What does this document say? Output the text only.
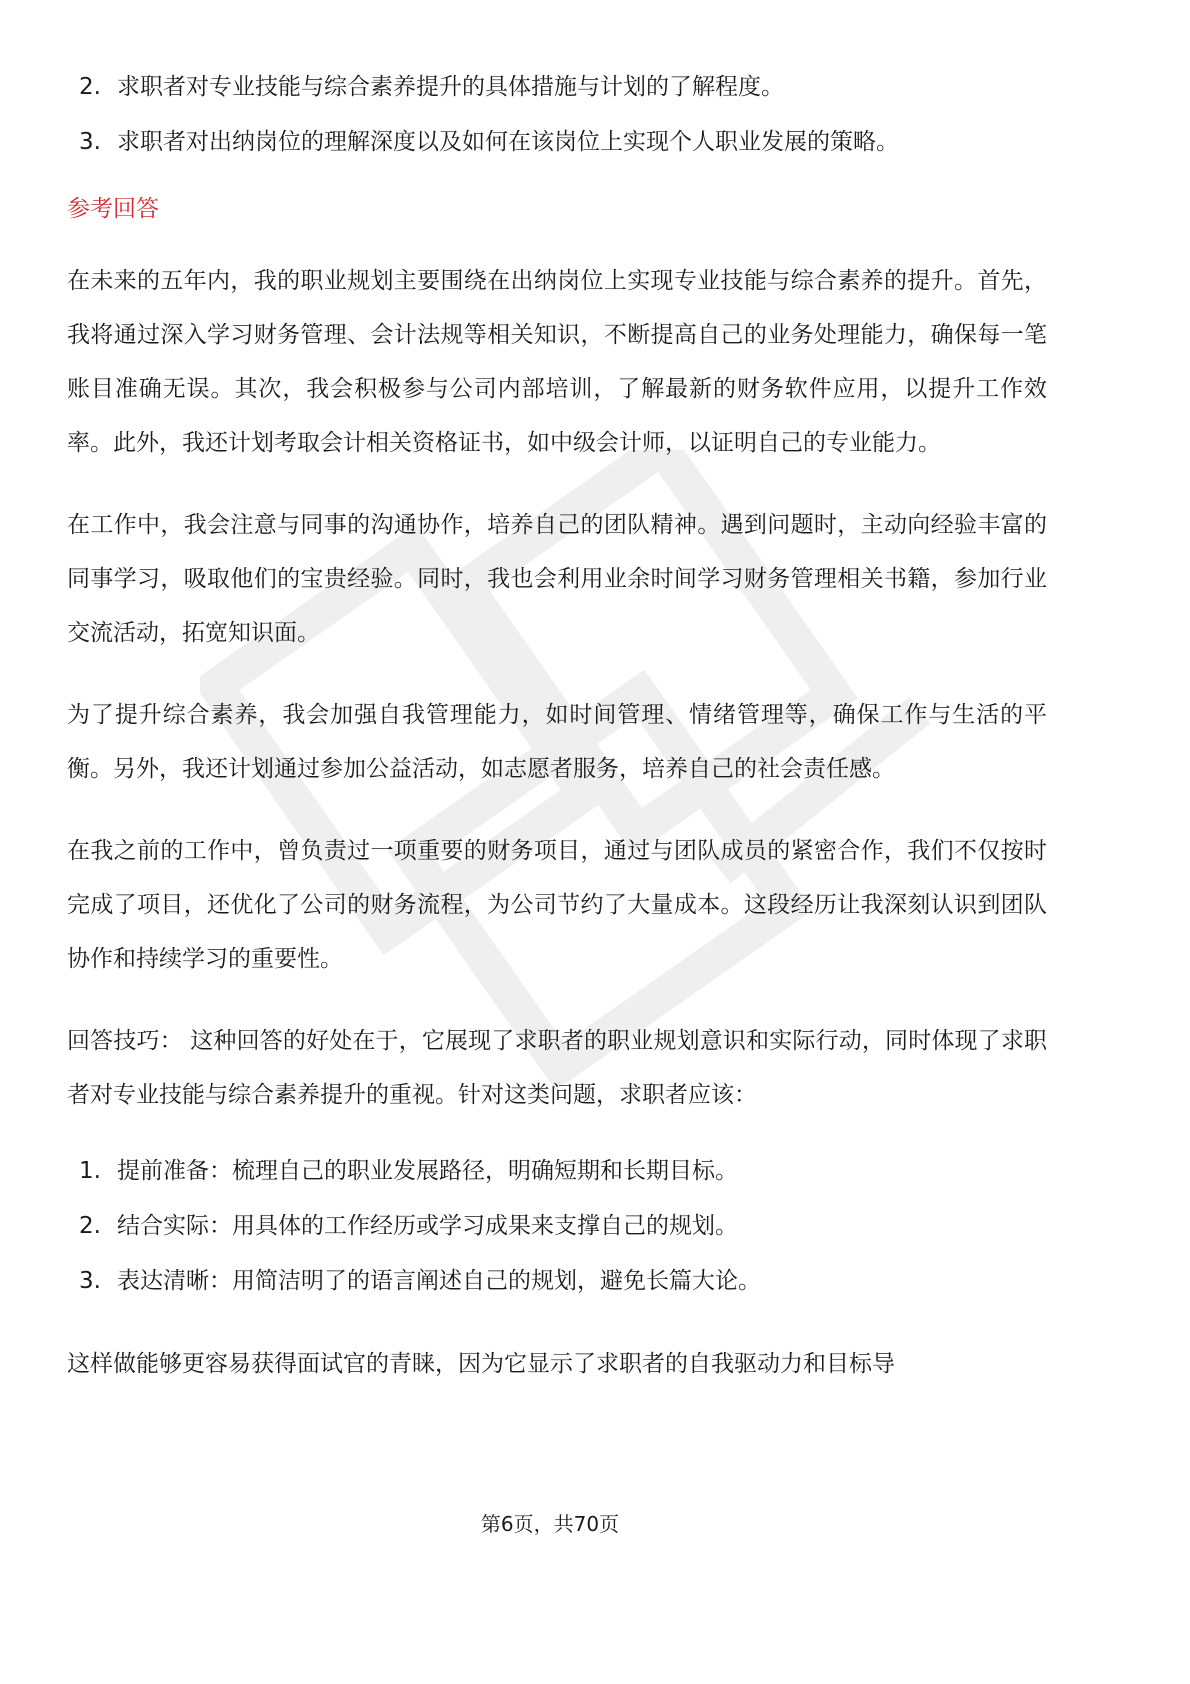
2. 求职者对专业技能与综合素养提升的具体措施与计划的了解程度。
3. 求职者对出纳岗位的理解深度以及如何在该岗位上实现个人职业发展的策略。
参考回答

在未来的五年内，我的职业规划主要围绕在出纳岗位上实现专业技能与综合素养的提升。首先，我将通过深入学习财务管理、会计法规等相关知识，不断提高自己的业务处理能力，确保每一笔账目准确无误。其次，我会积极参与公司内部培训，了解最新的财务软件应用，以提升工作效率。此外，我还计划考取会计相关资格证书，如中级会计师，以证明自己的专业能力。

在工作中，我会注意与同事的沟通协作，培养自己的团队精神。遇到问题时，主动向经验丰富的同事学习，吸取他们的宝贵经验。同时，我也会利用业余时间学习财务管理相关书籍，参加行业交流活动，拓宽知识面。

为了提升综合素养，我会加强自我管理能力，如时间管理、情绪管理等，确保工作与生活的平衡。另外，我还计划通过参加公益活动，如志愿者服务，培养自己的社会责任感。

在我之前的工作中，曾负责过一项重要的财务项目，通过与团队成员的紧密合作，我们不仅按时完成了项目，还优化了公司的财务流程，为公司节约了大量成本。这段经历让我深刻认识到团队协作和持续学习的重要性。

回答技巧： 这种回答的好处在于，它展现了求职者的职业规划意识和实际行动，同时体现了求职者对专业技能与综合素养提升的重视。针对这类问题，求职者应该：

1. 提前准备：梳理自己的职业发展路径，明确短期和长期目标。
2. 结合实际：用具体的工作经历或学习成果来支撑自己的规划。
3. 表达清晰：用简洁明了的语言阐述自己的规划，避免长篇大论。

这样做能够更容易获得面试官的青睐，因为它显示了求职者的自我驱动力和目标导

第6页，共70页
